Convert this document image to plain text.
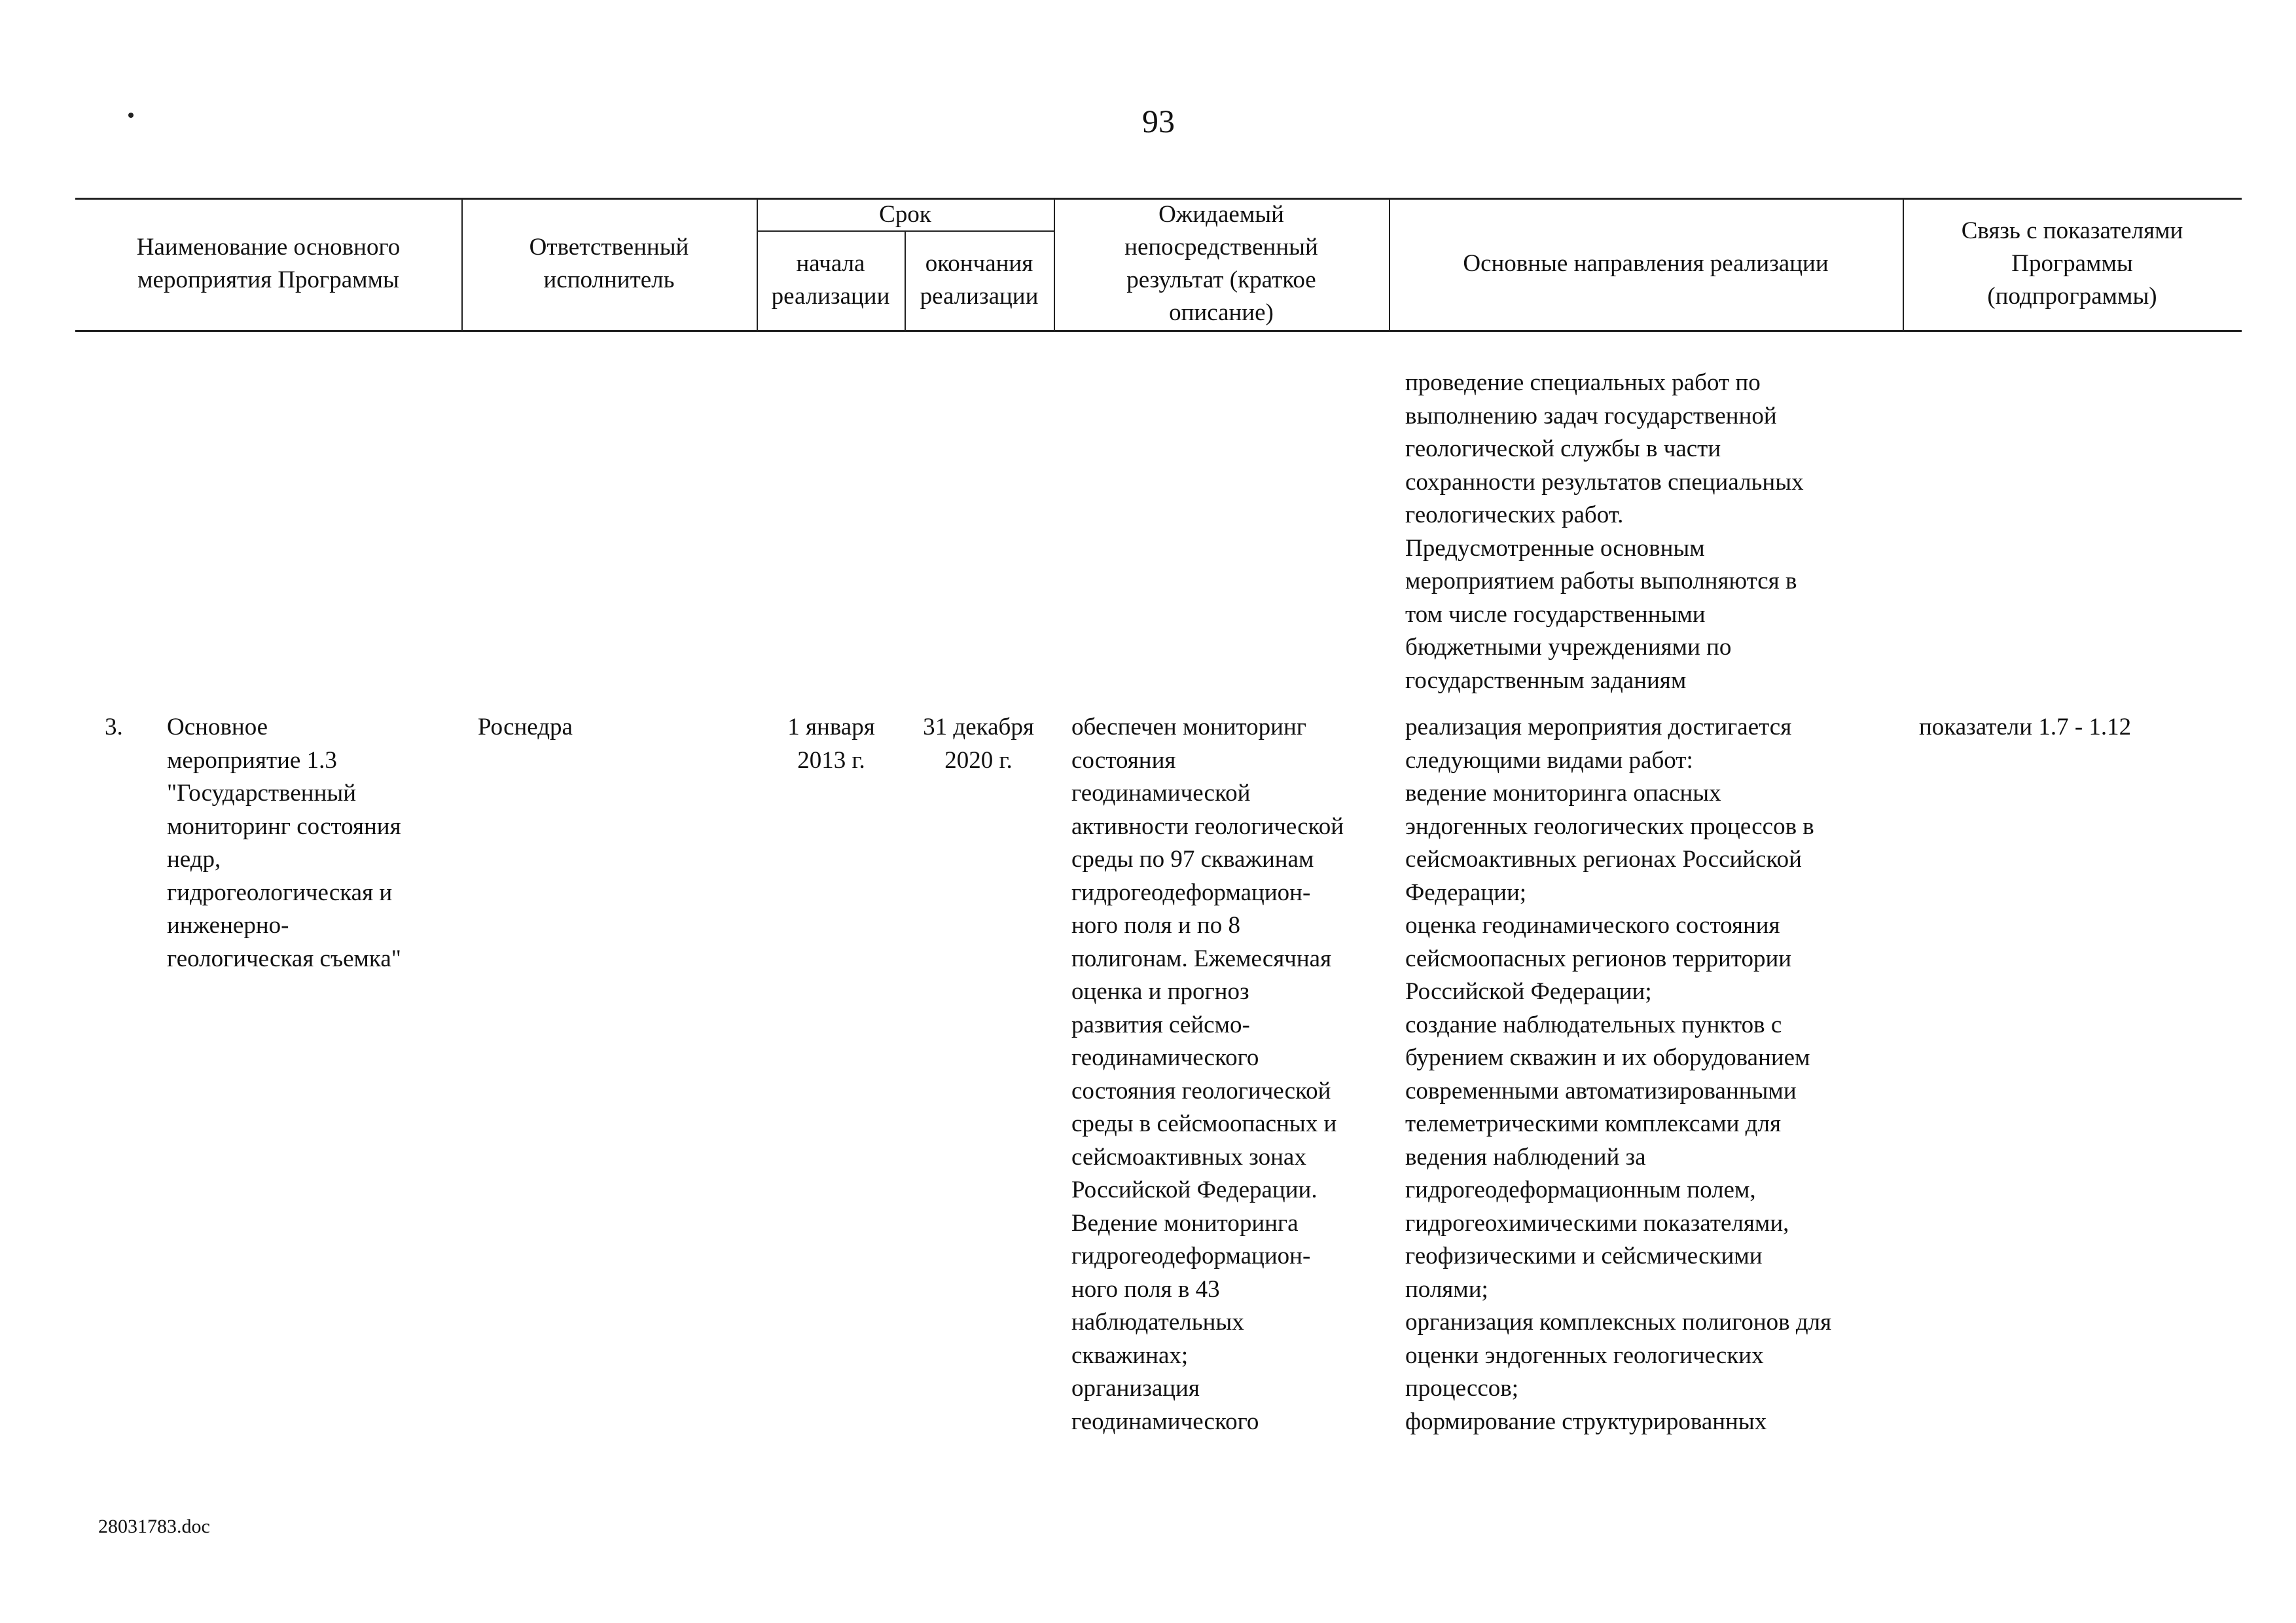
93
Наименование основного
мероприятия Программы
Ответственный
исполнитель
Срок
начала
реализации
окончания
реализации
Ожидаемый
непосредственный
результат (краткое
описание)
Основные направления реализации
Связь с показателями
Программы
(подпрограммы)
проведение специальных работ по
выполнению задач государственной
геологической службы в части
сохранности результатов специальных
геологических работ.
Предусмотренные основным
мероприятием работы выполняются в
том числе государственными
бюджетными учреждениями по
государственным заданиям
3.	Основное
мероприятие 1.3
"Государственный
мониторинг состояния
недр,
гидрогеологическая и
инженерно-
геологическая съемка"
Роснедра	1 января
2013 г.
31 декабря
2020 г.
обеспечен мониторинг
состояния
геодинамической
активности геологической
среды по 97 скважинам
гидрогеодеформацион-
ного поля и по 8
полигонам. Ежемесячная
оценка и прогноз
развития сейсмо-
геодинамического
состояния геологической
среды в сейсмоопасных и
сейсмоактивных зонах
Российской Федерации.
Ведение мониторинга
гидрогеодеформацион-
ного поля в 43
наблюдательных
скважинах;
организация
геодинамического
реализация мероприятия достигается
следующими видами работ:
ведение мониторинга опасных
эндогенных геологических процессов в
сейсмоактивных регионах Российской
Федерации;
оценка геодинамического состояния
сейсмоопасных регионов территории
Российской Федерации;
создание наблюдательных пунктов с
бурением скважин и их оборудованием
современными автоматизированными
телеметрическими комплексами для
ведения наблюдений за
гидрогеодеформационным полем,
гидрогеохимическими показателями,
геофизическими и сейсмическими
полями;
организация комплексных полигонов для
оценки эндогенных геологических
процессов;
формирование структурированных
показатели 1.7 - 1.12
28031783.doc
